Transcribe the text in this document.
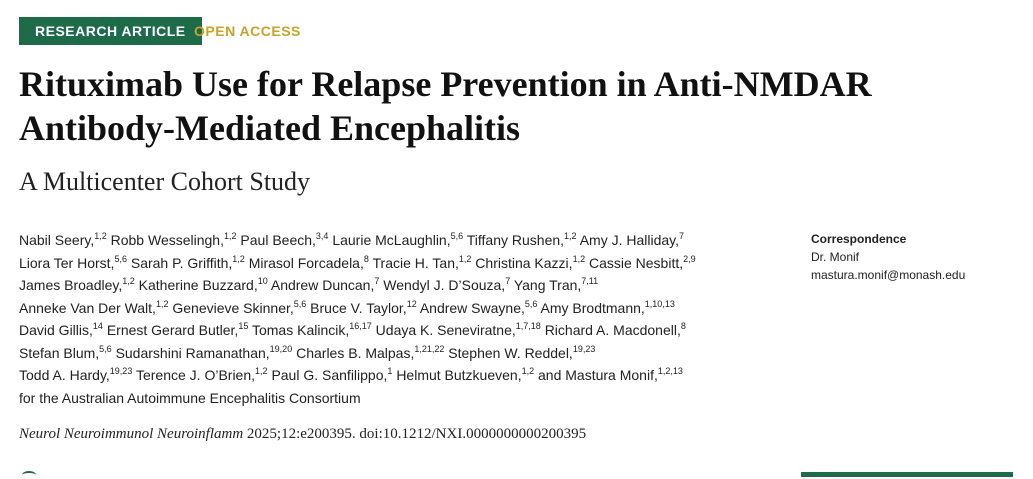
RESEARCH ARTICLE OPEN ACCESS
Rituximab Use for Relapse Prevention in Anti-NMDAR Antibody-Mediated Encephalitis
A Multicenter Cohort Study
Nabil Seery,$^{1,2}$ Robb Wesselingh,$^{1,2}$ Paul Beech,$^{3,4}$ Laurie McLaughlin,$^{5,6}$ Tiffany Rushen,$^{1,2}$ Amy J. Halliday,$^7$
Liora Ter Horst,$^{5,6}$ Sarah P. Griffith,$^{1,2}$ Mirasol Forcadela,$^8$ Tracie H. Tan,$^{1,2}$ Christina Kazzi,$^{1,2}$ Cassie Nesbitt,$^{2,9}$
James Broadley,$^{1,2}$ Katherine Buzzard,$^{10}$ Andrew Duncan,$^7$ Wendyl J. D’Souza,$^7$ Yang Tran,$^{7,11}$
Anneke Van Der Walt,$^{1,2}$ Genevieve Skinner,$^{5,6}$ Bruce V. Taylor,$^{12}$ Andrew Swayne,$^{5,6}$ Amy Brodtmann,$^{1,10,13}$
David Gillis,$^{14}$ Ernest Gerard Butler,$^{15}$ Tomas Kalincik,$^{16,17}$ Udaya K. Seneviratne,$^{1,7,18}$ Richard A. Macdonell,$^8$
Stefan Blum,$^{5,6}$ Sudarshini Ramanathan,$^{19,20}$ Charles B. Malpas,$^{1,21,22}$ Stephen W. Reddel,$^{19,23}$
Todd A. Hardy,$^{19,23}$ Terence J. O’Brien,$^{1,2}$ Paul G. Sanfilippo,$^1$ Helmut Butzkueven,$^{1,2}$ and Mastura Monif,$^{1,2,13}$
for the Australian Autoimmune Encephalitis Consortium
Correspondence
Dr. Monif
mastura.monif@monash.edu
Neurol Neuroimmunol Neuroinflamm 2025;12:e200395. doi:10.1212/NXI.0000000000200395
